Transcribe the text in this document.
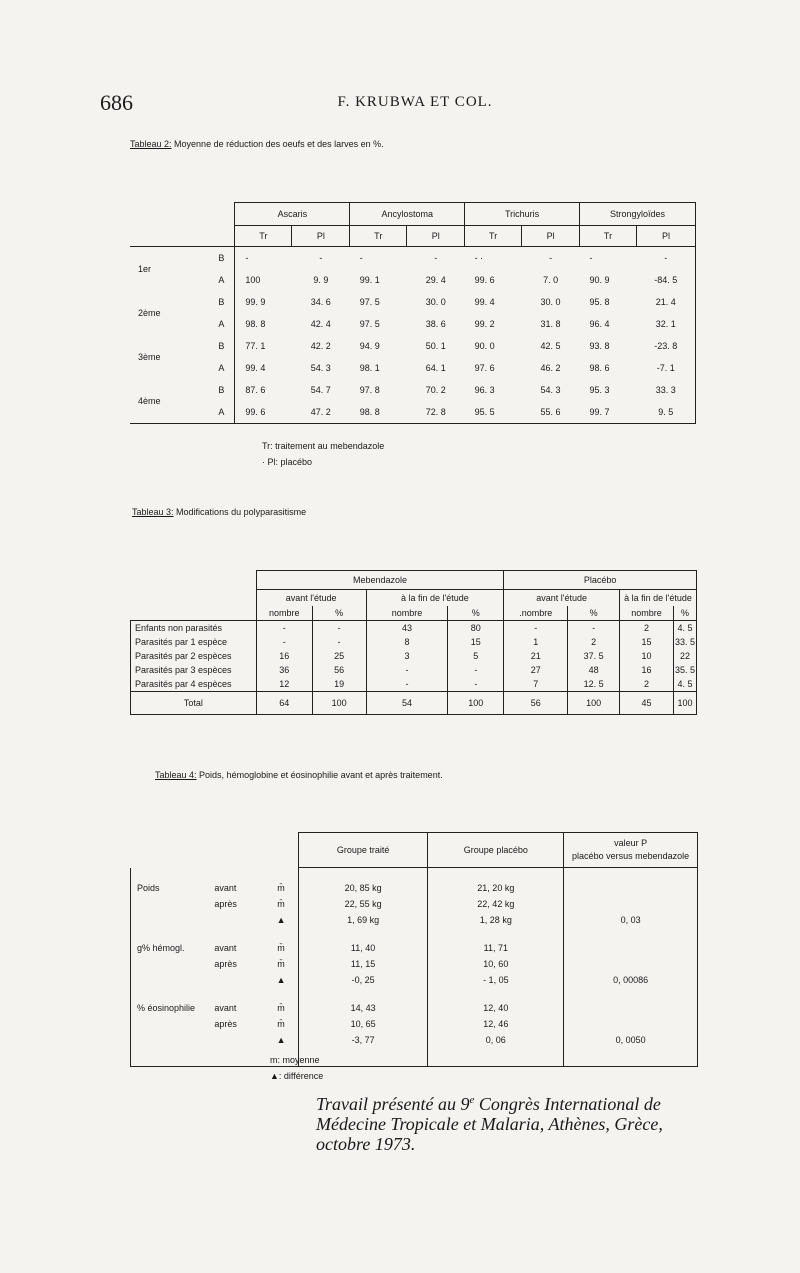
686	F. KRUBWA ET COL.
Tableau 2: Moyenne de réduction des oeufs et des larves en %.
		Ascaris		Ancylostoma		Trichuris		Strongyloïdes	
		Tr	Pl	Tr	Pl	Tr	Pl	Tr	Pl
1er	B	-	-	-	-	- ·	-	-	-
	A	100	9. 9	99. 1	29. 4	99. 6	7. 0	90. 9	-84. 5
2ème	B	99. 9	34. 6	97. 5	30. 0	99. 4	30. 0	95. 8	21. 4
	A	98. 8	42. 4	97. 5	38. 6	99. 2	31. 8	96. 4	32. 1
3ème	B	77. 1	42. 2	94. 9	50. 1	90. 0	42. 5	93. 8	-23. 8
	A	99. 4	54. 3	98. 1	64. 1	97. 6	46. 2	98. 6	-7. 1
4ème	B	87. 6	54. 7	97. 8	70. 2	96. 3	54. 3	95. 3	33. 3
	A	99. 6	47. 2	98. 8	72. 8	95. 5	55. 6	99. 7	9. 5
Tr: traitement au mebendazole
· Pl: placébo
Tableau 3: Modifications du polyparasitisme
	Mebendazole				Placébo			
	avant l'étude		à la fin de l'étude		avant l'étude		à la fin de l'étude	
	nombre	%	nombre	%	.nombre	%	nombre	%
Enfants non parasités	-	-	43	80	-	-	2	4. 5
Parasités par 1 espèce	-	-	8	15	1	2	15	33. 5
Parasités par 2 espèces	16	25	3	5	21	37. 5	10	22
Parasités par 3 espèces	36	56	-	-	27	48	16	35. 5
Parasités par 4 espèces	12	19	-	-	7	12. 5	2	4. 5
Total	64	100	54	100	56	100	45	100
Tableau 4: Poids, hémoglobine et éosinophilie avant et après traitement.
			Groupe traité	Groupe placébo	valeur P
placébo versus mebendazole

Poids	avant	m̄	20, 85 kg	21, 20 kg	
	après	m̄	22, 55 kg	22, 42 kg	
		▲	1, 69 kg	1, 28 kg	0, 03
g% hémogl.	avant	m̄	11, 40	11, 71	
	après	m̄	11, 15	10, 60	
		▲	-0, 25	- 1, 05	0, 00086
% éosinophilie	avant	m̄	14, 43	12, 40	
	après	m̄	10, 65	12, 46	
		▲	-3, 77	0, 06	0, 0050
m: moyenne
▲: différence
Travail présenté au 9e Congrès International de
Médecine Tropicale et Malaria, Athènes, Grèce,
octobre 1973.
